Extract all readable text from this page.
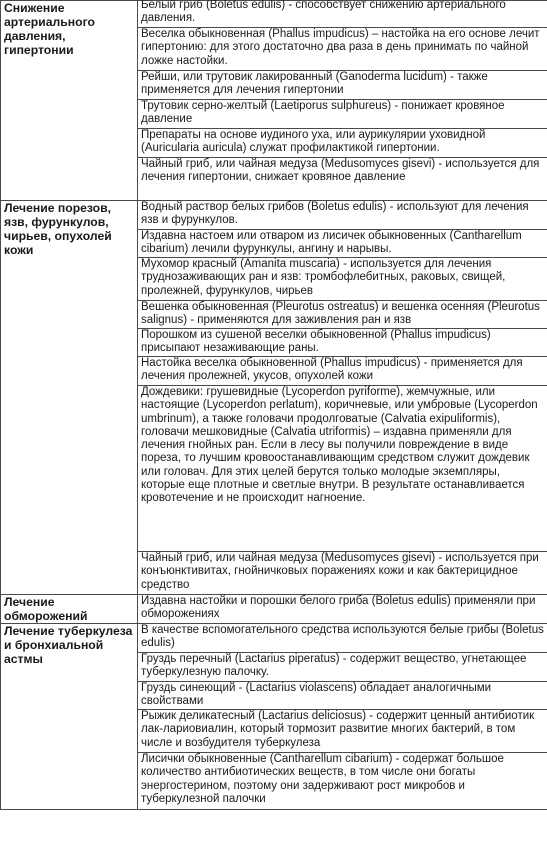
Снижение артериального давления, гипертонии	Белый гриб (Boletus edulis) - способствует снижению артериального давления.

	Веселка обыкновенная (Phallus impudicus) – настойка на его основе лечит гипертонию: для этого достаточно два раза в день принимать по чайной ложке настойки.
	Рейши, или трутовик лакированный (Ganoderma lucidum) - также применяется для лечения гипертонии
	Трутовик серно-желтый (Laetiporus sulphureus) - понижает кровяное давление
	Препараты на основе иудиного уха, или аурикулярии уховидной (Auricularia auricula) служат профилактикой гипертонии.
	Чайный гриб, или чайная медуза (Medusomyces gisevi) - используется для лечения гипертонии, снижает кровяное давление
Лечение порезов, язв, фурункулов, чирьев, опухолей кожи	Водный раствор белых грибов (Boletus edulis) - используют для лечения язв и фурункулов.
	Издавна настоем или отваром из лисичек обыкновенных (Cantharellum cibarium) лечили фурункулы, ангину и нарывы.
	Мухомор красный (Amanita muscaria) - используется для лечения труднозаживающих ран и язв: тромбофлебитных, раковых, свищей, пролежней, фурункулов, чирьев
	Вешенка обыкновенная (Pleurotus ostreatus) и вешенка осенняя (Pleurotus salignus) - применяются для заживления ран и язв
	Порошком из сушеной веселки обыкновенной (Phallus impudicus) присыпают незаживающие раны.
	Настойка веселка обыкновенной (Phallus impudicus) - применяется для лечения пролежней, укусов, опухолей кожи
	Дождевики: грушевидные (Lycoperdon pyriforme), жемчужные, или настоящие (Lycoperdon perlatum), коричневые, или умбровые (Lycoperdon umbrinum), а также головачи продолговатые (Calvatia exipuliformis), головачи мешковидные (Calvatia utriformis) – издавна применяли для лечения гнойных ран. Если в лесу вы получили повреждение в виде пореза, то лучшим кровоостанавливающим средством служит дождевик или головач. Для этих целей берутся только молодые экземпляры, которые еще плотные и светлые внутри. В результате останавливается кровотечение и не происходит нагноение.
	Чайный гриб, или чайная медуза (Medusomyces gisevi) - используется при конъюнктивитах, гнойничковых поражениях кожи и как бактерицидное средство
Лечение обморожений	Издавна настойки и порошки белого гриба (Boletus edulis) применяли при обморожениях
Лечение туберкулеза и бронхиальной астмы	В качестве вспомогательного средства используются белые грибы (Boletus edulis)
	Груздь перечный (Lactarius piperatus) - содержит вещество, угнетающее туберкулезную палочку.
	Груздь синеющий - (Lactarius violascens) обладает аналогичными свойствами
	Рыжик деликатесный (Lactarius deliciosus) - содержит ценный антибиотик лак-лариовиалин, который тормозит развитие многих бактерий, в том числе и возбудителя туберкулеза
	Лисички обыкновенные (Cantharellum cibarium) - содержат большое количество антибиотических веществ, в том числе они богаты энергостерином, поэтому они задерживают рост микробов и туберкулезной палочки
